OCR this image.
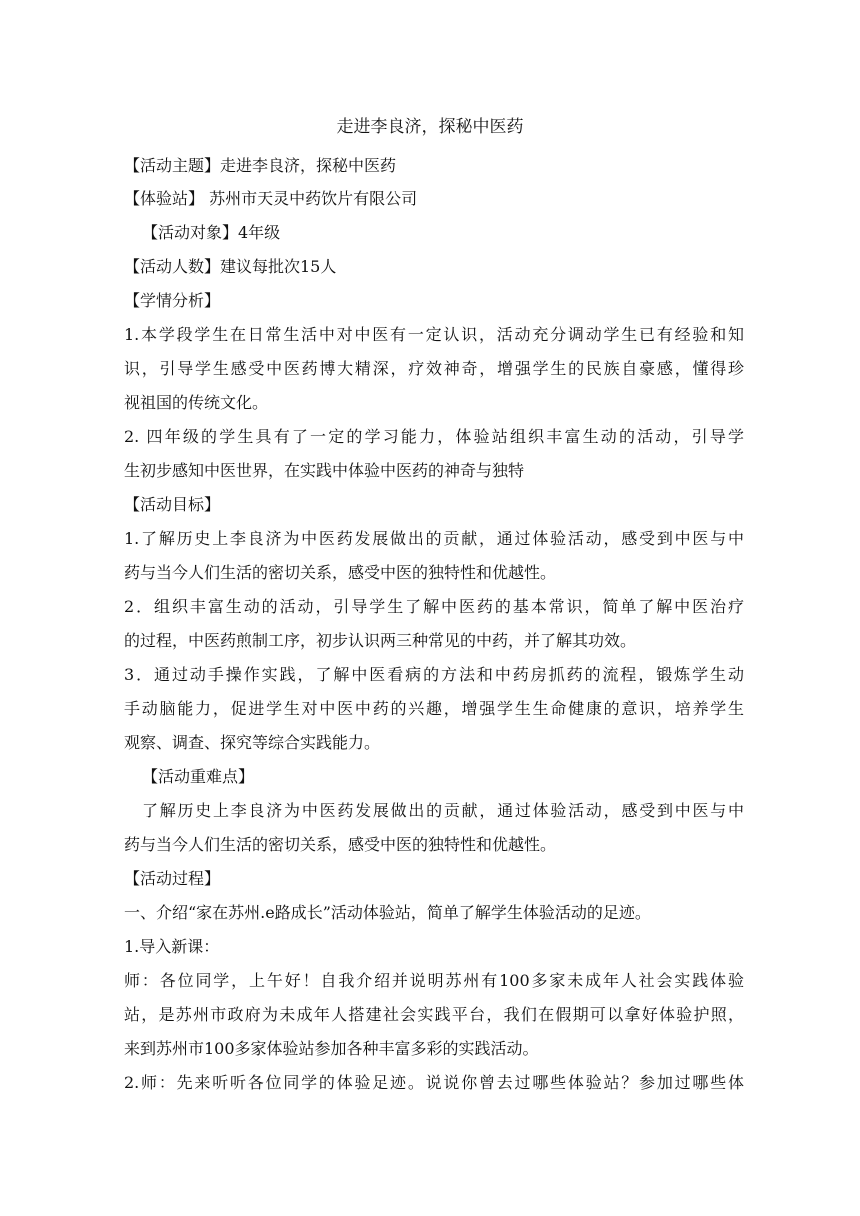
走进李良济，探秘中医药
【活动主题】走进李良济，探秘中医药
【体验站】 苏州市天灵中药饮片有限公司
【活动对象】4年级
【活动人数】建议每批次15人
【学情分析】
1.本学段学生在日常生活中对中医有一定认识，活动充分调动学生已有经验和知
识，引导学生感受中医药博大精深，疗效神奇，增强学生的民族自豪感，懂得珍
视祖国的传统文化。
2. 四年级的学生具有了一定的学习能力，体验站组织丰富生动的活动，引导学
生初步感知中医世界，在实践中体验中医药的神奇与独特
【活动目标】
1.了解历史上李良济为中医药发展做出的贡献，通过体验活动，感受到中医与中
药与当今人们生活的密切关系，感受中医的独特性和优越性。
2．组织丰富生动的活动，引导学生了解中医药的基本常识，简单了解中医治疗
的过程，中医药煎制工序，初步认识两三种常见的中药，并了解其功效。
3．通过动手操作实践，了解中医看病的方法和中药房抓药的流程，锻炼学生动
手动脑能力，促进学生对中医中药的兴趣，增强学生生命健康的意识，培养学生
观察、调查、探究等综合实践能力。
【活动重难点】
了解历史上李良济为中医药发展做出的贡献，通过体验活动，感受到中医与中
药与当今人们生活的密切关系，感受中医的独特性和优越性。
【活动过程】
一、介绍“家在苏州.e路成长”活动体验站，简单了解学生体验活动的足迹。
1.导入新课：
师：各位同学，上午好！自我介绍并说明苏州有100多家未成年人社会实践体验
站，是苏州市政府为未成年人搭建社会实践平台，我们在假期可以拿好体验护照，
来到苏州市100多家体验站参加各种丰富多彩的实践活动。
2.师：先来听听各位同学的体验足迹。说说你曾去过哪些体验站？参加过哪些体
